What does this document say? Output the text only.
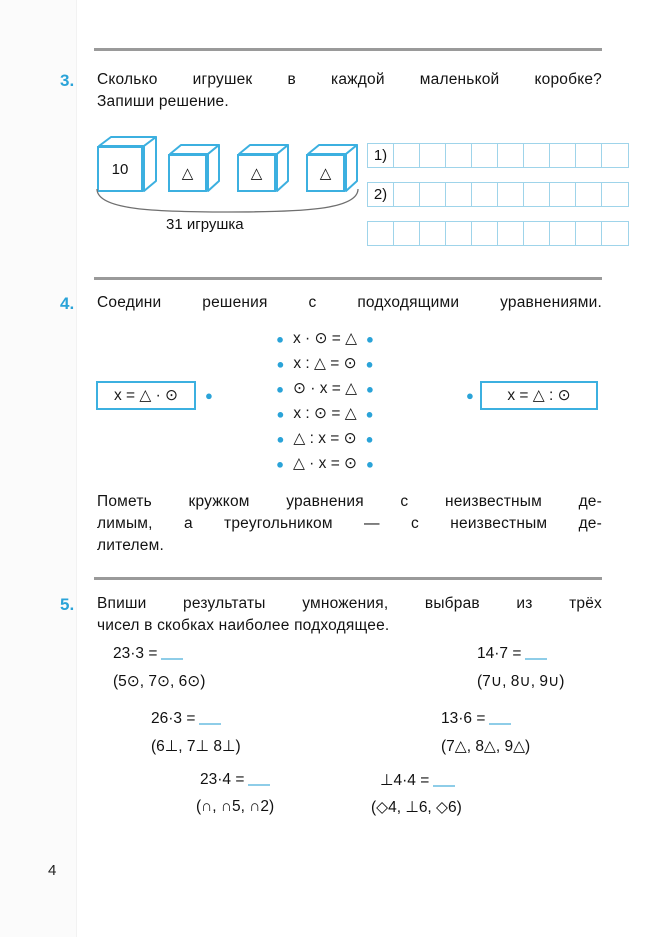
3. Сколько игрушек в каждой маленькой коробке?
Запиши решение.
10	△	△	△
31 игрушка
1)
2)
4. Соедини решения с подходящими уравнениями.
● x · ⊙ = △ ●
● x : △ = ⊙ ●
● ⊙ · x = △ ●
● x : ⊙ = △ ●
● △ : x = ⊙ ●
● △ · x = ⊙ ●
x = △ · ⊙	●	●	x = △ : ⊙
Пометь кружком уравнения с неизвестным де-
лимым, а треугольником — с неизвестным де-
лителем.
5. Впиши результаты умножения, выбрав из трёх
чисел в скобках наиболее подходящее.
23·3 =
(5⊙, 7⊙, 6⊙)
14·7 =
(7∪, 8∪, 9∪)
26·3 =
(6⊥, 7⊥ 8⊥)
13·6 =
(7△, 8△, 9△)
23·4 =
(∩, ∩5, ∩2)
⊥4·4 =
(◇4, ⊥6, ◇6)
4
